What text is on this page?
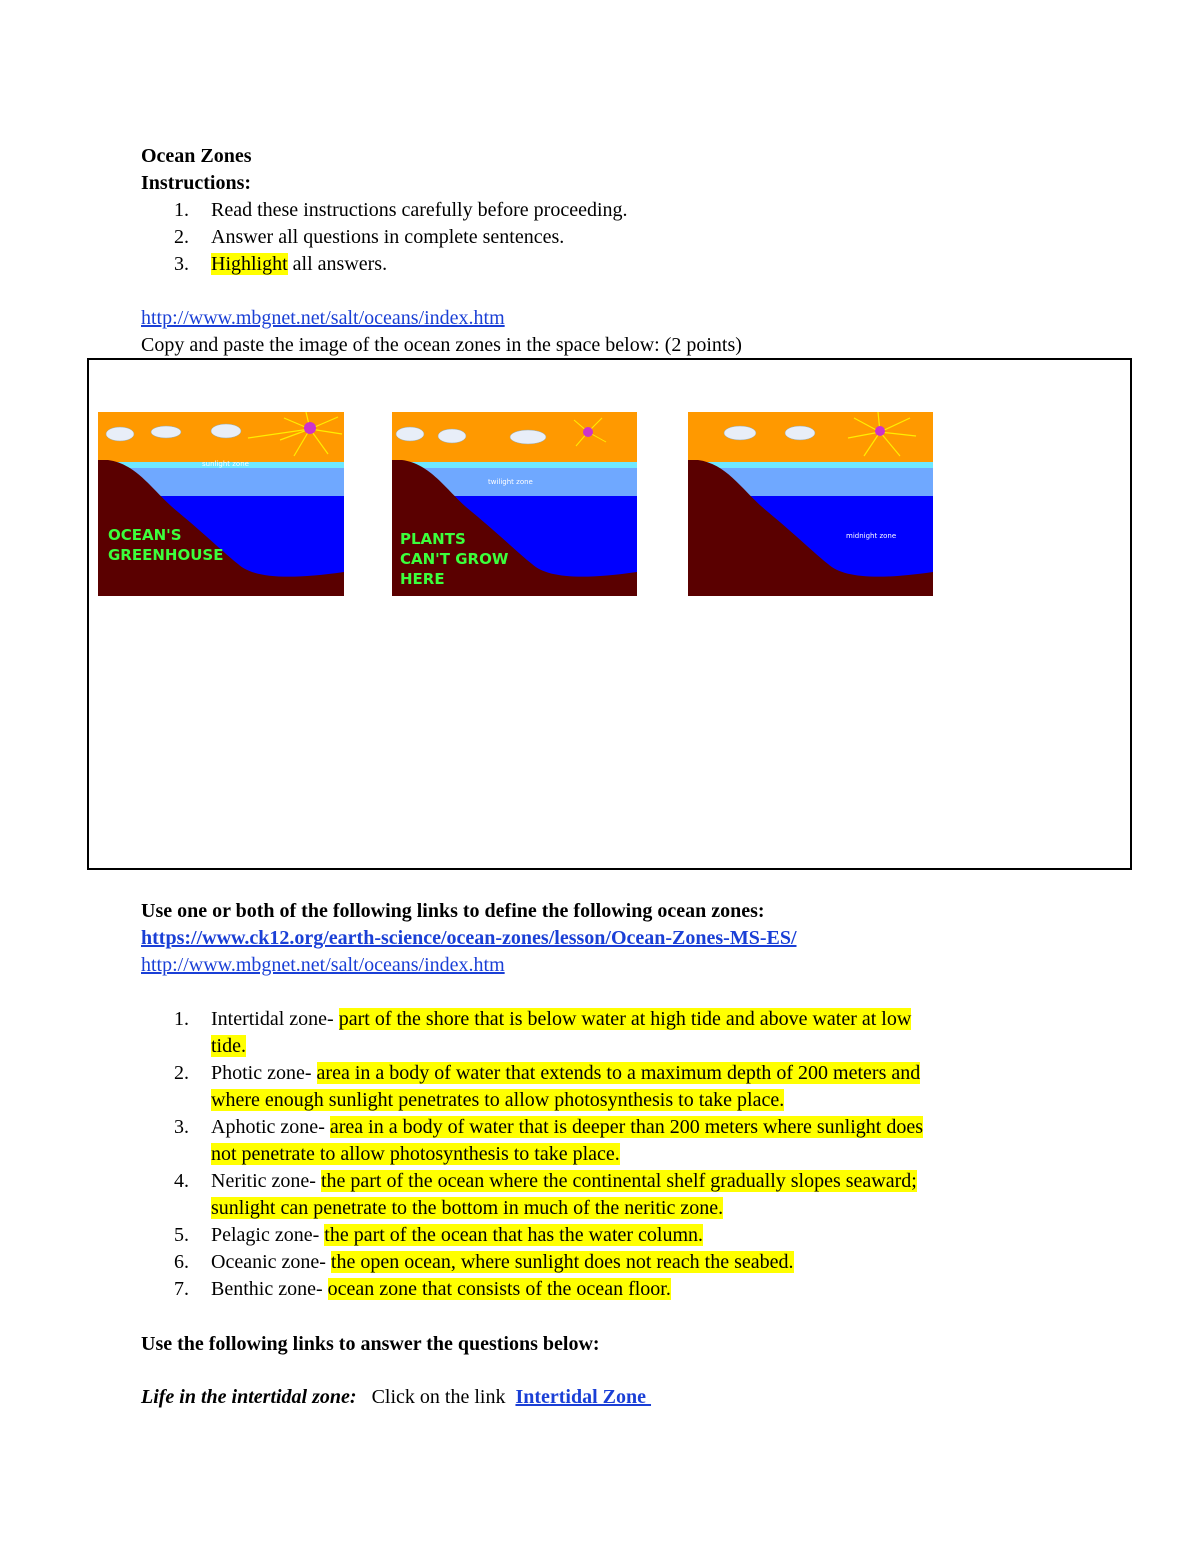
Ocean Zones
Instructions:
1.	Read these instructions carefully before proceeding.
2.	Answer all questions in complete sentences.
3.	Highlight all answers.
http://www.mbgnet.net/salt/oceans/index.htm
Copy and paste the image of the ocean zones in the space below: (2 points)
sunlight zone
OCEAN'S
GREENHOUSE
twilight zone
PLANTS
CAN'T GROW
HERE
midnight zone
Use one or both of the following links to define the following ocean zones:
https://www.ck12.org/earth-science/ocean-zones/lesson/Ocean-Zones-MS-ES/
http://www.mbgnet.net/salt/oceans/index.htm
1.	Intertidal zone- part of the shore that is below water at high tide and above water at low
tide.
2.	Photic zone- area in a body of water that extends to a maximum depth of 200 meters and
where enough sunlight penetrates to allow photosynthesis to take place.
3.	Aphotic zone- area in a body of water that is deeper than 200 meters where sunlight does
not penetrate to allow photosynthesis to take place.
4.	Neritic zone- the part of the ocean where the continental shelf gradually slopes seaward;
sunlight can penetrate to the bottom in much of the neritic zone.
5.	Pelagic zone- the part of the ocean that has the water column.
6.	Oceanic zone- the open ocean, where sunlight does not reach the seabed.
7.	Benthic zone- ocean zone that consists of the ocean floor.
Use the following links to answer the questions below:
Life in the intertidal zone: Click on the link Intertidal Zone
